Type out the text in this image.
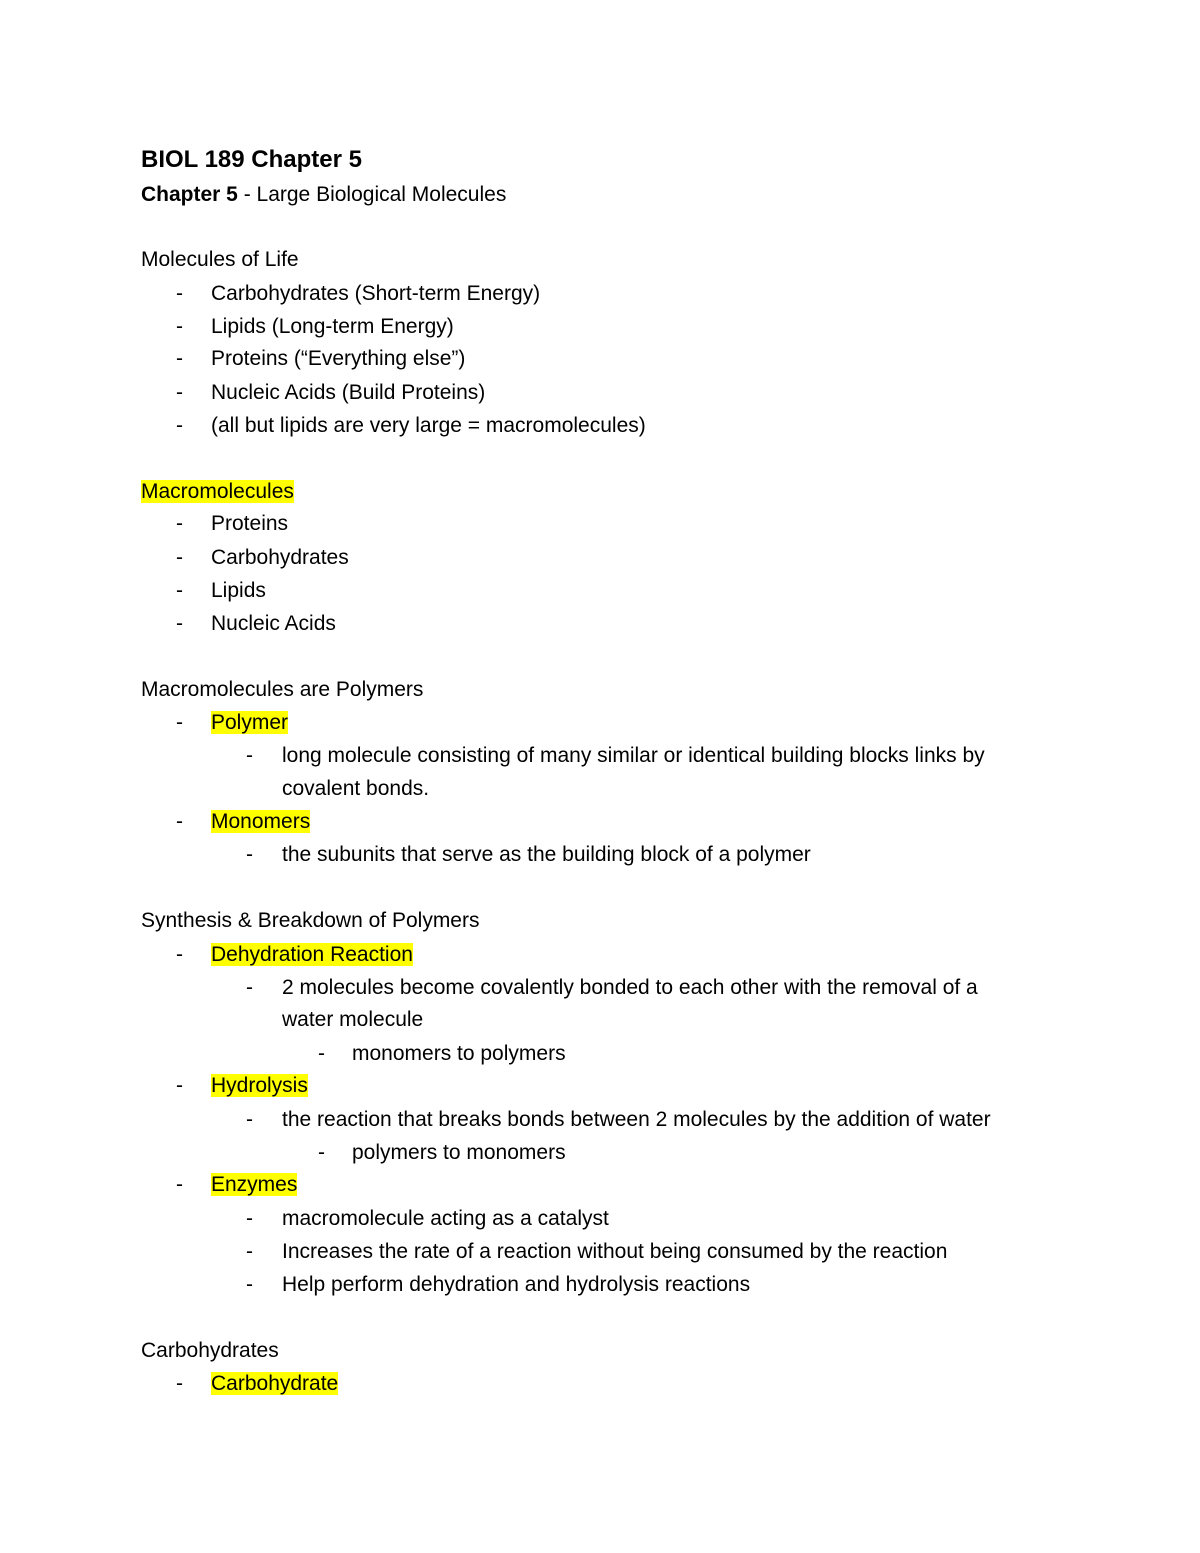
BIOL 189 Chapter 5
Chapter 5 - Large Biological Molecules
Molecules of Life
- Carbohydrates (Short-term Energy)
- Lipids (Long-term Energy)
- Proteins (“Everything else”)
- Nucleic Acids (Build Proteins)
- (all but lipids are very large = macromolecules)
Macromolecules
- Proteins
- Carbohydrates
- Lipids
- Nucleic Acids
Macromolecules are Polymers
- Polymer
- long molecule consisting of many similar or identical building blocks links by
covalent bonds.
- Monomers
- the subunits that serve as the building block of a polymer
Synthesis & Breakdown of Polymers
- Dehydration Reaction
- 2 molecules become covalently bonded to each other with the removal of a
water molecule
- monomers to polymers
- Hydrolysis
- the reaction that breaks bonds between 2 molecules by the addition of water
- polymers to monomers
- Enzymes
- macromolecule acting as a catalyst
- Increases the rate of a reaction without being consumed by the reaction
- Help perform dehydration and hydrolysis reactions
Carbohydrates
- Carbohydrate
